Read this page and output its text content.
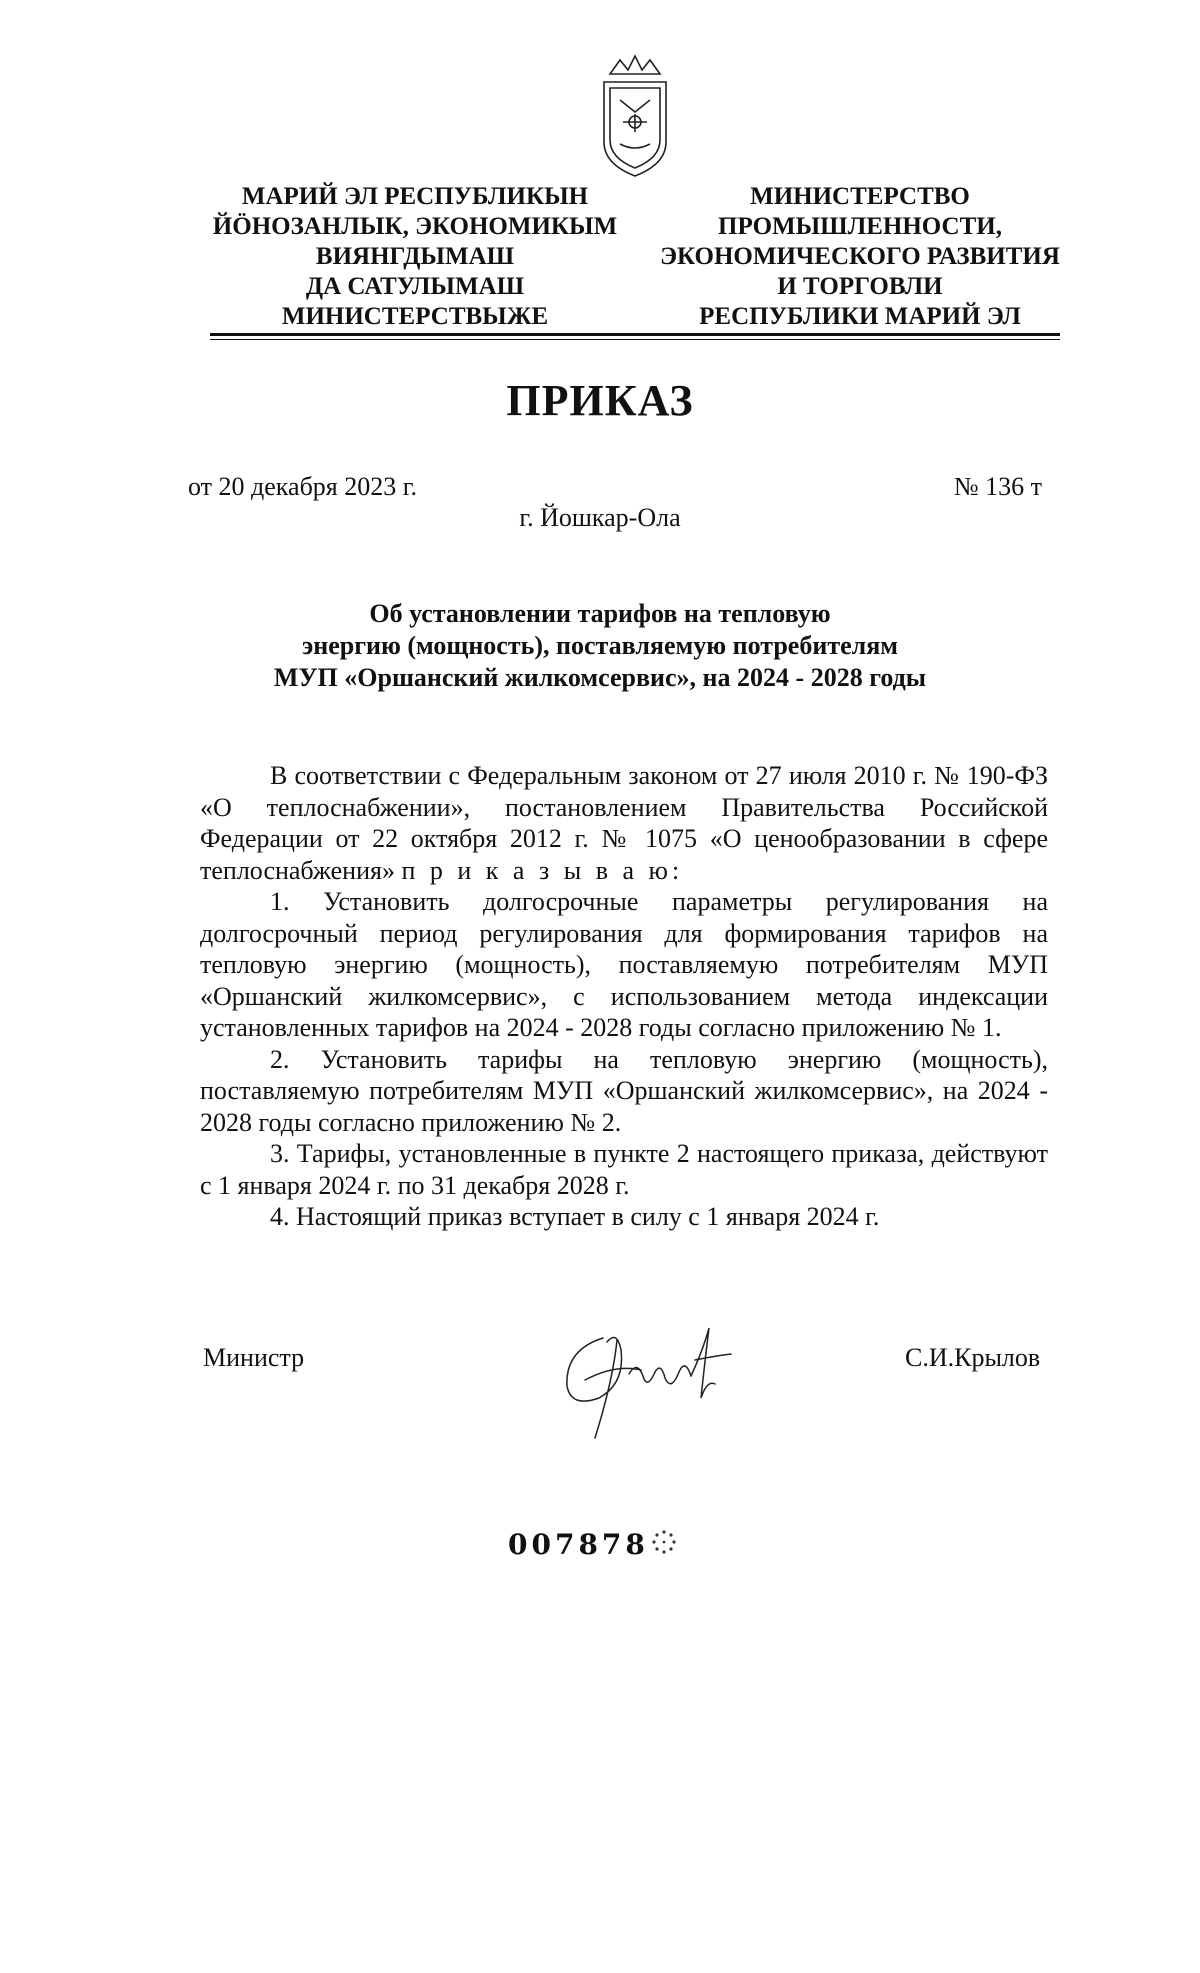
МАРИЙ ЭЛ РЕСПУБЛИКЫН
ЙӦНОЗАНЛЫК, ЭКОНОМИКЫМ
ВИЯНГДЫМАШ
ДА САТУЛЫМАШ
МИНИСТЕРСТВЫЖЕ
МИНИСТЕРСТВО
ПРОМЫШЛЕННОСТИ,
ЭКОНОМИЧЕСКОГО РАЗВИТИЯ
И ТОРГОВЛИ
РЕСПУБЛИКИ МАРИЙ ЭЛ
ПРИКАЗ
от 20 декабря 2023 г.	№ 136 т
г. Йошкар-Ола
Об установлении тарифов на тепловую
энергию (мощность), поставляемую потребителям
МУП «Оршанский жилкомсервис», на 2024 - 2028 годы

В соответствии с Федеральным законом от 27 июля 2010 г. № 190-ФЗ «О теплоснабжении», постановлением Правительства Российской Федерации от 22 октября 2012 г. № 1075 «О ценообразовании в сфере теплоснабжения» п р и к а з ы в а ю:

1. Установить долгосрочные параметры регулирования на долгосрочный период регулирования для формирования тарифов на тепловую энергию (мощность), поставляемую потребителям МУП «Оршанский жилкомсервис», с использованием метода индексации установленных тарифов на 2024 - 2028 годы согласно приложению № 1.

2. Установить тарифы на тепловую энергию (мощность), поставляемую потребителям МУП «Оршанский жилкомсервис», на 2024 - 2028 годы согласно приложению № 2.

3. Тарифы, установленные в пункте 2 настоящего приказа, действуют с 1 января 2024 г. по 31 декабря 2028 г.

4. Настоящий приказ вступает в силу с 1 января 2024 г.

Министр	С.И.Крылов
007878
